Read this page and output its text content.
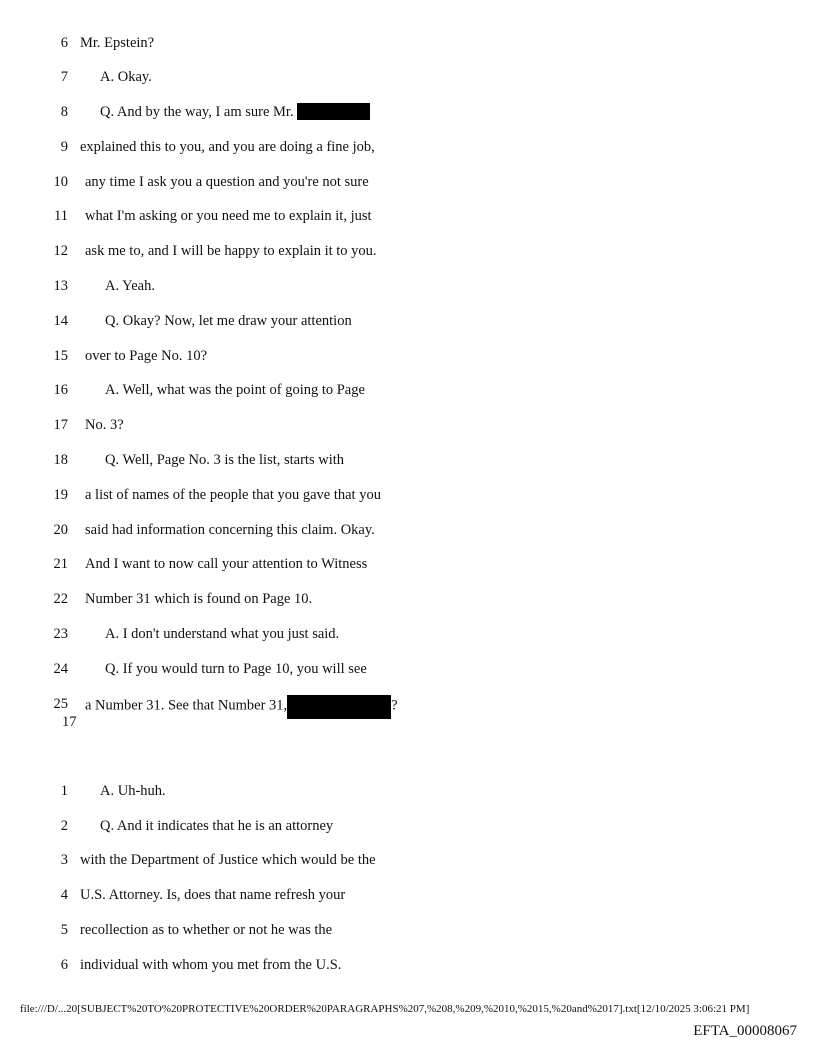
6 Mr. Epstein?
7 A. Okay.
8 Q. And by the way, I am sure Mr.
9 explained this to you, and you are doing a fine job,
10 any time I ask you a question and you're not sure
11 what I'm asking or you need me to explain it, just
12 ask me to, and I will be happy to explain it to you.
13	A. Yeah.
14	Q. Okay? Now, let me draw your attention
15 over to Page No. 10?
16	A. Well, what was the point of going to Page
17 No. 3?
18	Q. Well, Page No. 3 is the list, starts with
19 a list of names of the people that you gave that you
20 said had information concerning this claim. Okay.
21 And I want to now call your attention to Witness
22 Number 31 which is found on Page 10.
23	A. I don't understand what you just said.
24	Q. If you would turn to Page 10, you will see
25 a Number 31. See that Number 31,	?
17
1 A. Uh-huh.
2 Q. And it indicates that he is an attorney
3 with the Department of Justice which would be the
4 U.S. Attorney. Is, does that name refresh your
5 recollection as to whether or not he was the
6 individual with whom you met from the U.S.
file:///D/...20[SUBJECT%20TO%20PROTECTIVE%20ORDER%20PARAGRAPHS%207,%208,%209,%2010,%2015,%20and%2017].txt[12/10/2025 3:06:21 PM]
EFTA_00008067
